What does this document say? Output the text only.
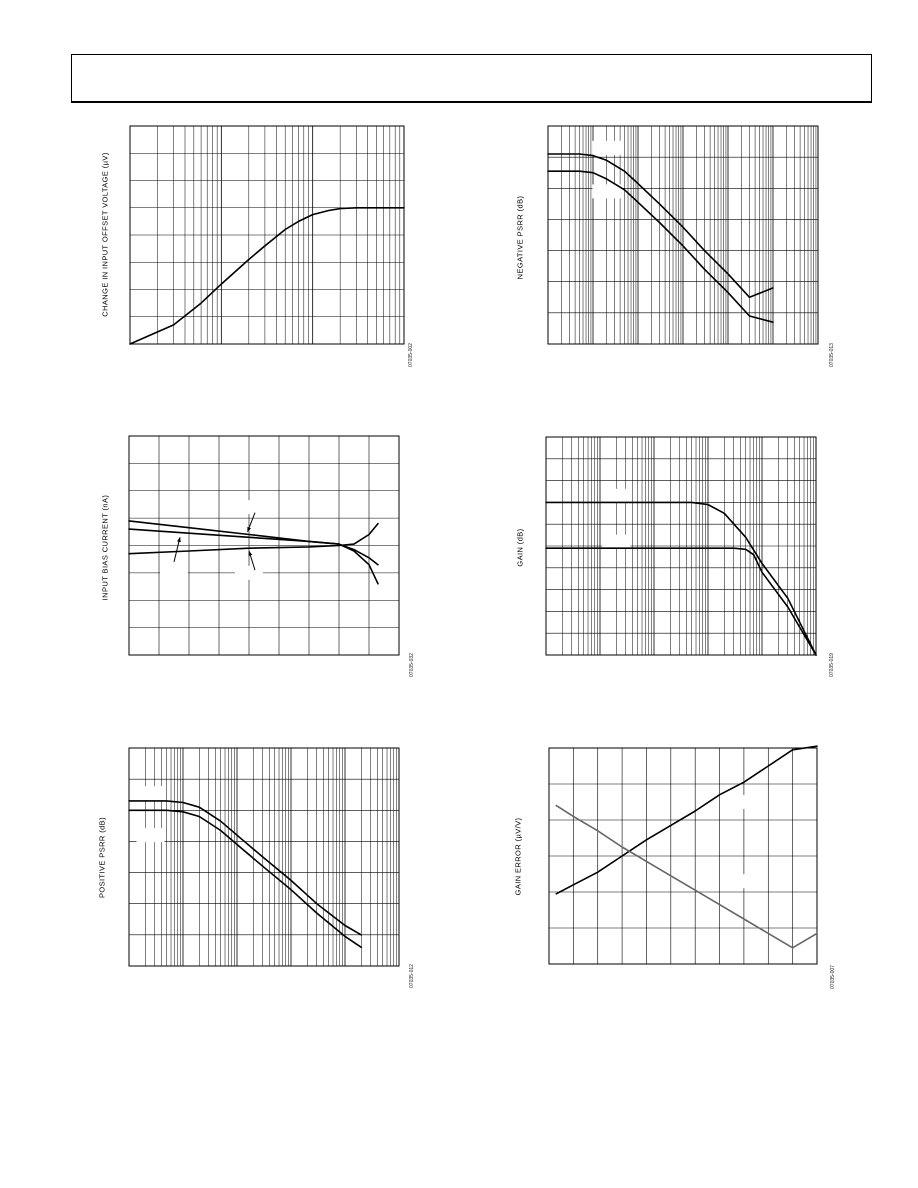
CHANGE IN INPUT OFFSET VOLTAGE (µV)
07035-002
NEGATIVE PSRR (dB)
07035-013
INPUT BIAS CURRENT (nA)
07035-032
GAIN (dB)
07035-019
POSITIVE PSRR (dB)
07035-012
GAIN ERROR (µV/V)
07035-007
